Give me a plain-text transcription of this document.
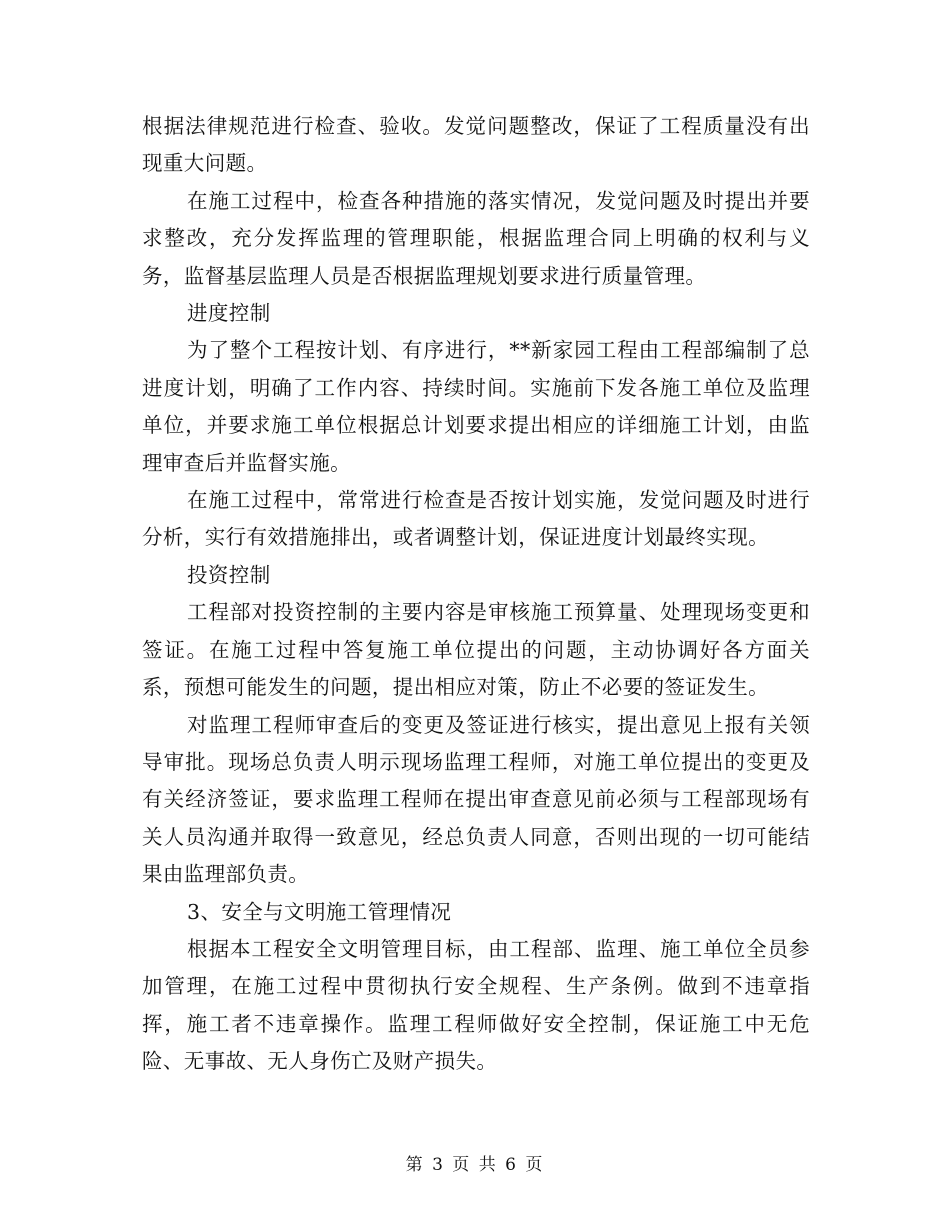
根据法律规范进行检查、验收。发觉问题整改，保证了工程质量没有出现重大问题。

在施工过程中，检查各种措施的落实情况，发觉问题及时提出并要求整改，充分发挥监理的管理职能，根据监理合同上明确的权利与义务，监督基层监理人员是否根据监理规划要求进行质量管理。

进度控制

为了整个工程按计划、有序进行，**新家园工程由工程部编制了总进度计划，明确了工作内容、持续时间。实施前下发各施工单位及监理单位，并要求施工单位根据总计划要求提出相应的详细施工计划，由监理审查后并监督实施。

在施工过程中，常常进行检查是否按计划实施，发觉问题及时进行分析，实行有效措施排出，或者调整计划，保证进度计划最终实现。

投资控制

工程部对投资控制的主要内容是审核施工预算量、处理现场变更和签证。在施工过程中答复施工单位提出的问题，主动协调好各方面关系，预想可能发生的问题，提出相应对策，防止不必要的签证发生。

对监理工程师审查后的变更及签证进行核实，提出意见上报有关领导审批。现场总负责人明示现场监理工程师，对施工单位提出的变更及有关经济签证，要求监理工程师在提出审查意见前必须与工程部现场有关人员沟通并取得一致意见，经总负责人同意，否则出现的一切可能结果由监理部负责。

3、安全与文明施工管理情况

根据本工程安全文明管理目标，由工程部、监理、施工单位全员参加管理，在施工过程中贯彻执行安全规程、生产条例。做到不违章指挥，施工者不违章操作。监理工程师做好安全控制，保证施工中无危险、无事故、无人身伤亡及财产损失。

第 3 页 共 6 页
